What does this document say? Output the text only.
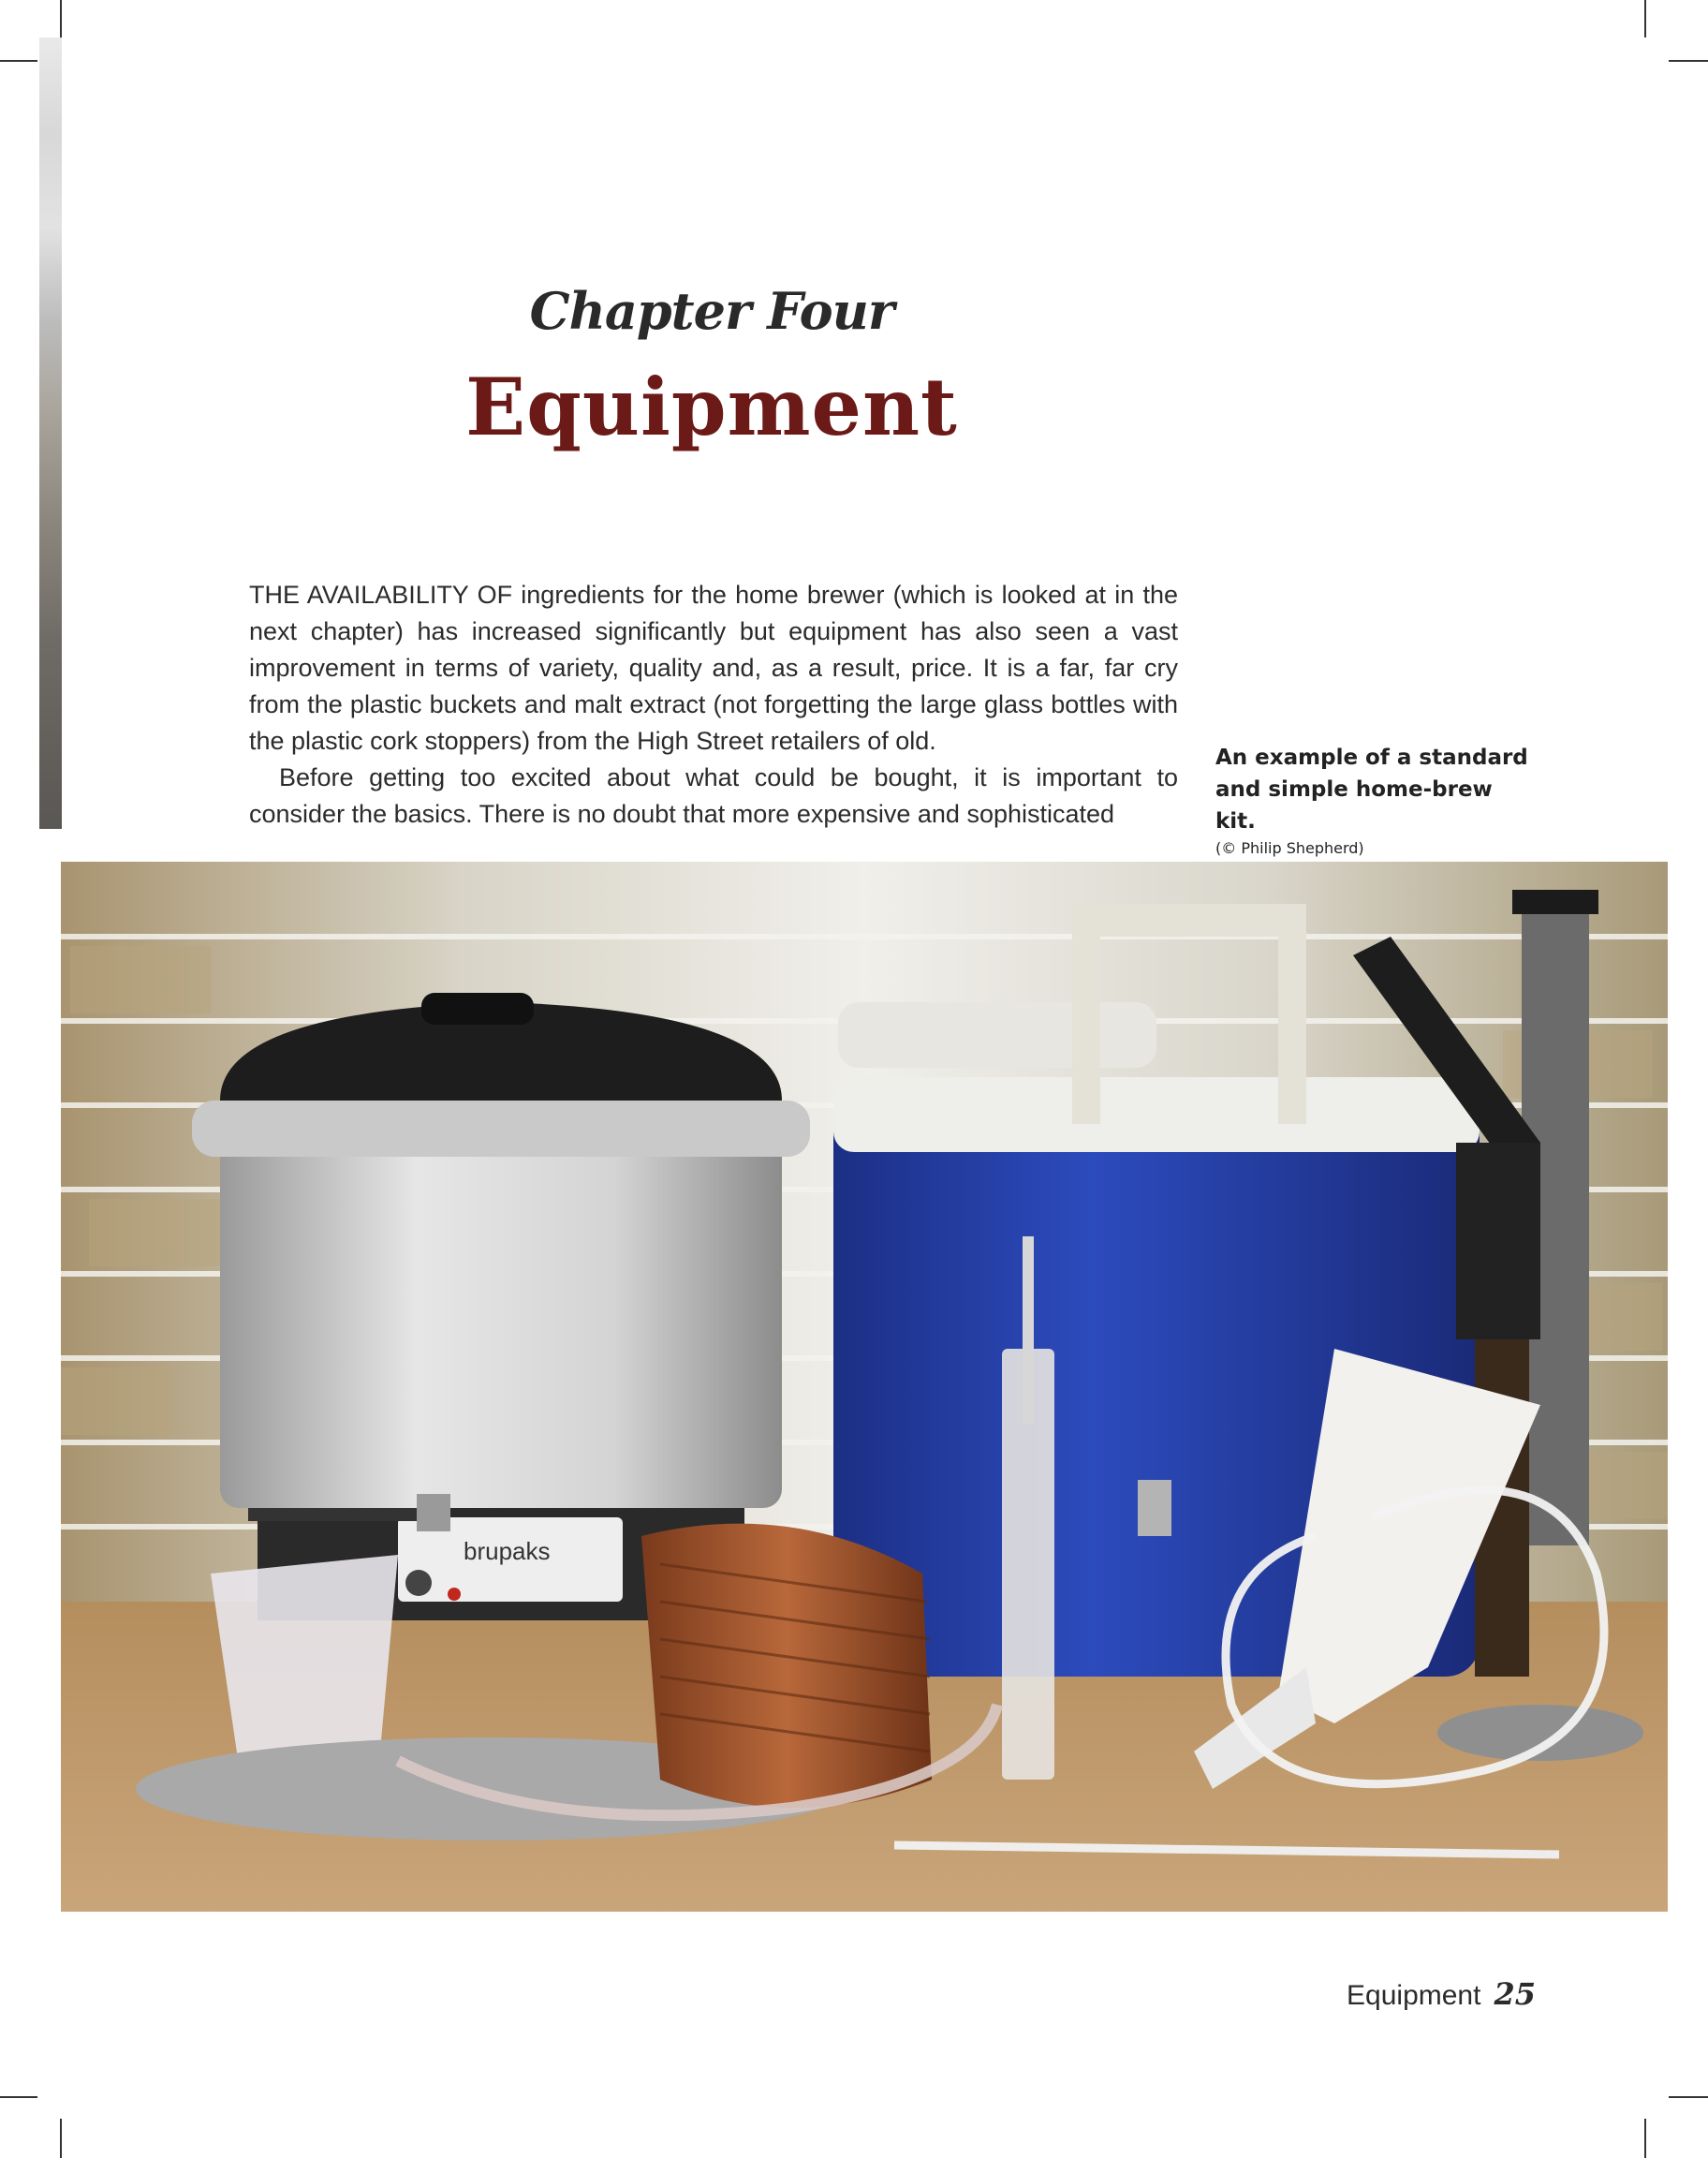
Chapter Four
Equipment

THE AVAILABILITY OF ingredients for the home brewer (which is looked at in the next chapter) has increased significantly but equipment has also seen a vast improvement in terms of variety, quality and, as a result, price. It is a far, far cry from the plastic buckets and malt extract (not forgetting the large glass bottles with the plastic cork stoppers) from the High Street retailers of old.

Before getting too excited about what could be bought, it is important to consider the basics. There is no doubt that more expensive and sophisticated

An example of a standard and simple home-brew kit.
(© Philip Shepherd)
brupaks
Equipment 25
